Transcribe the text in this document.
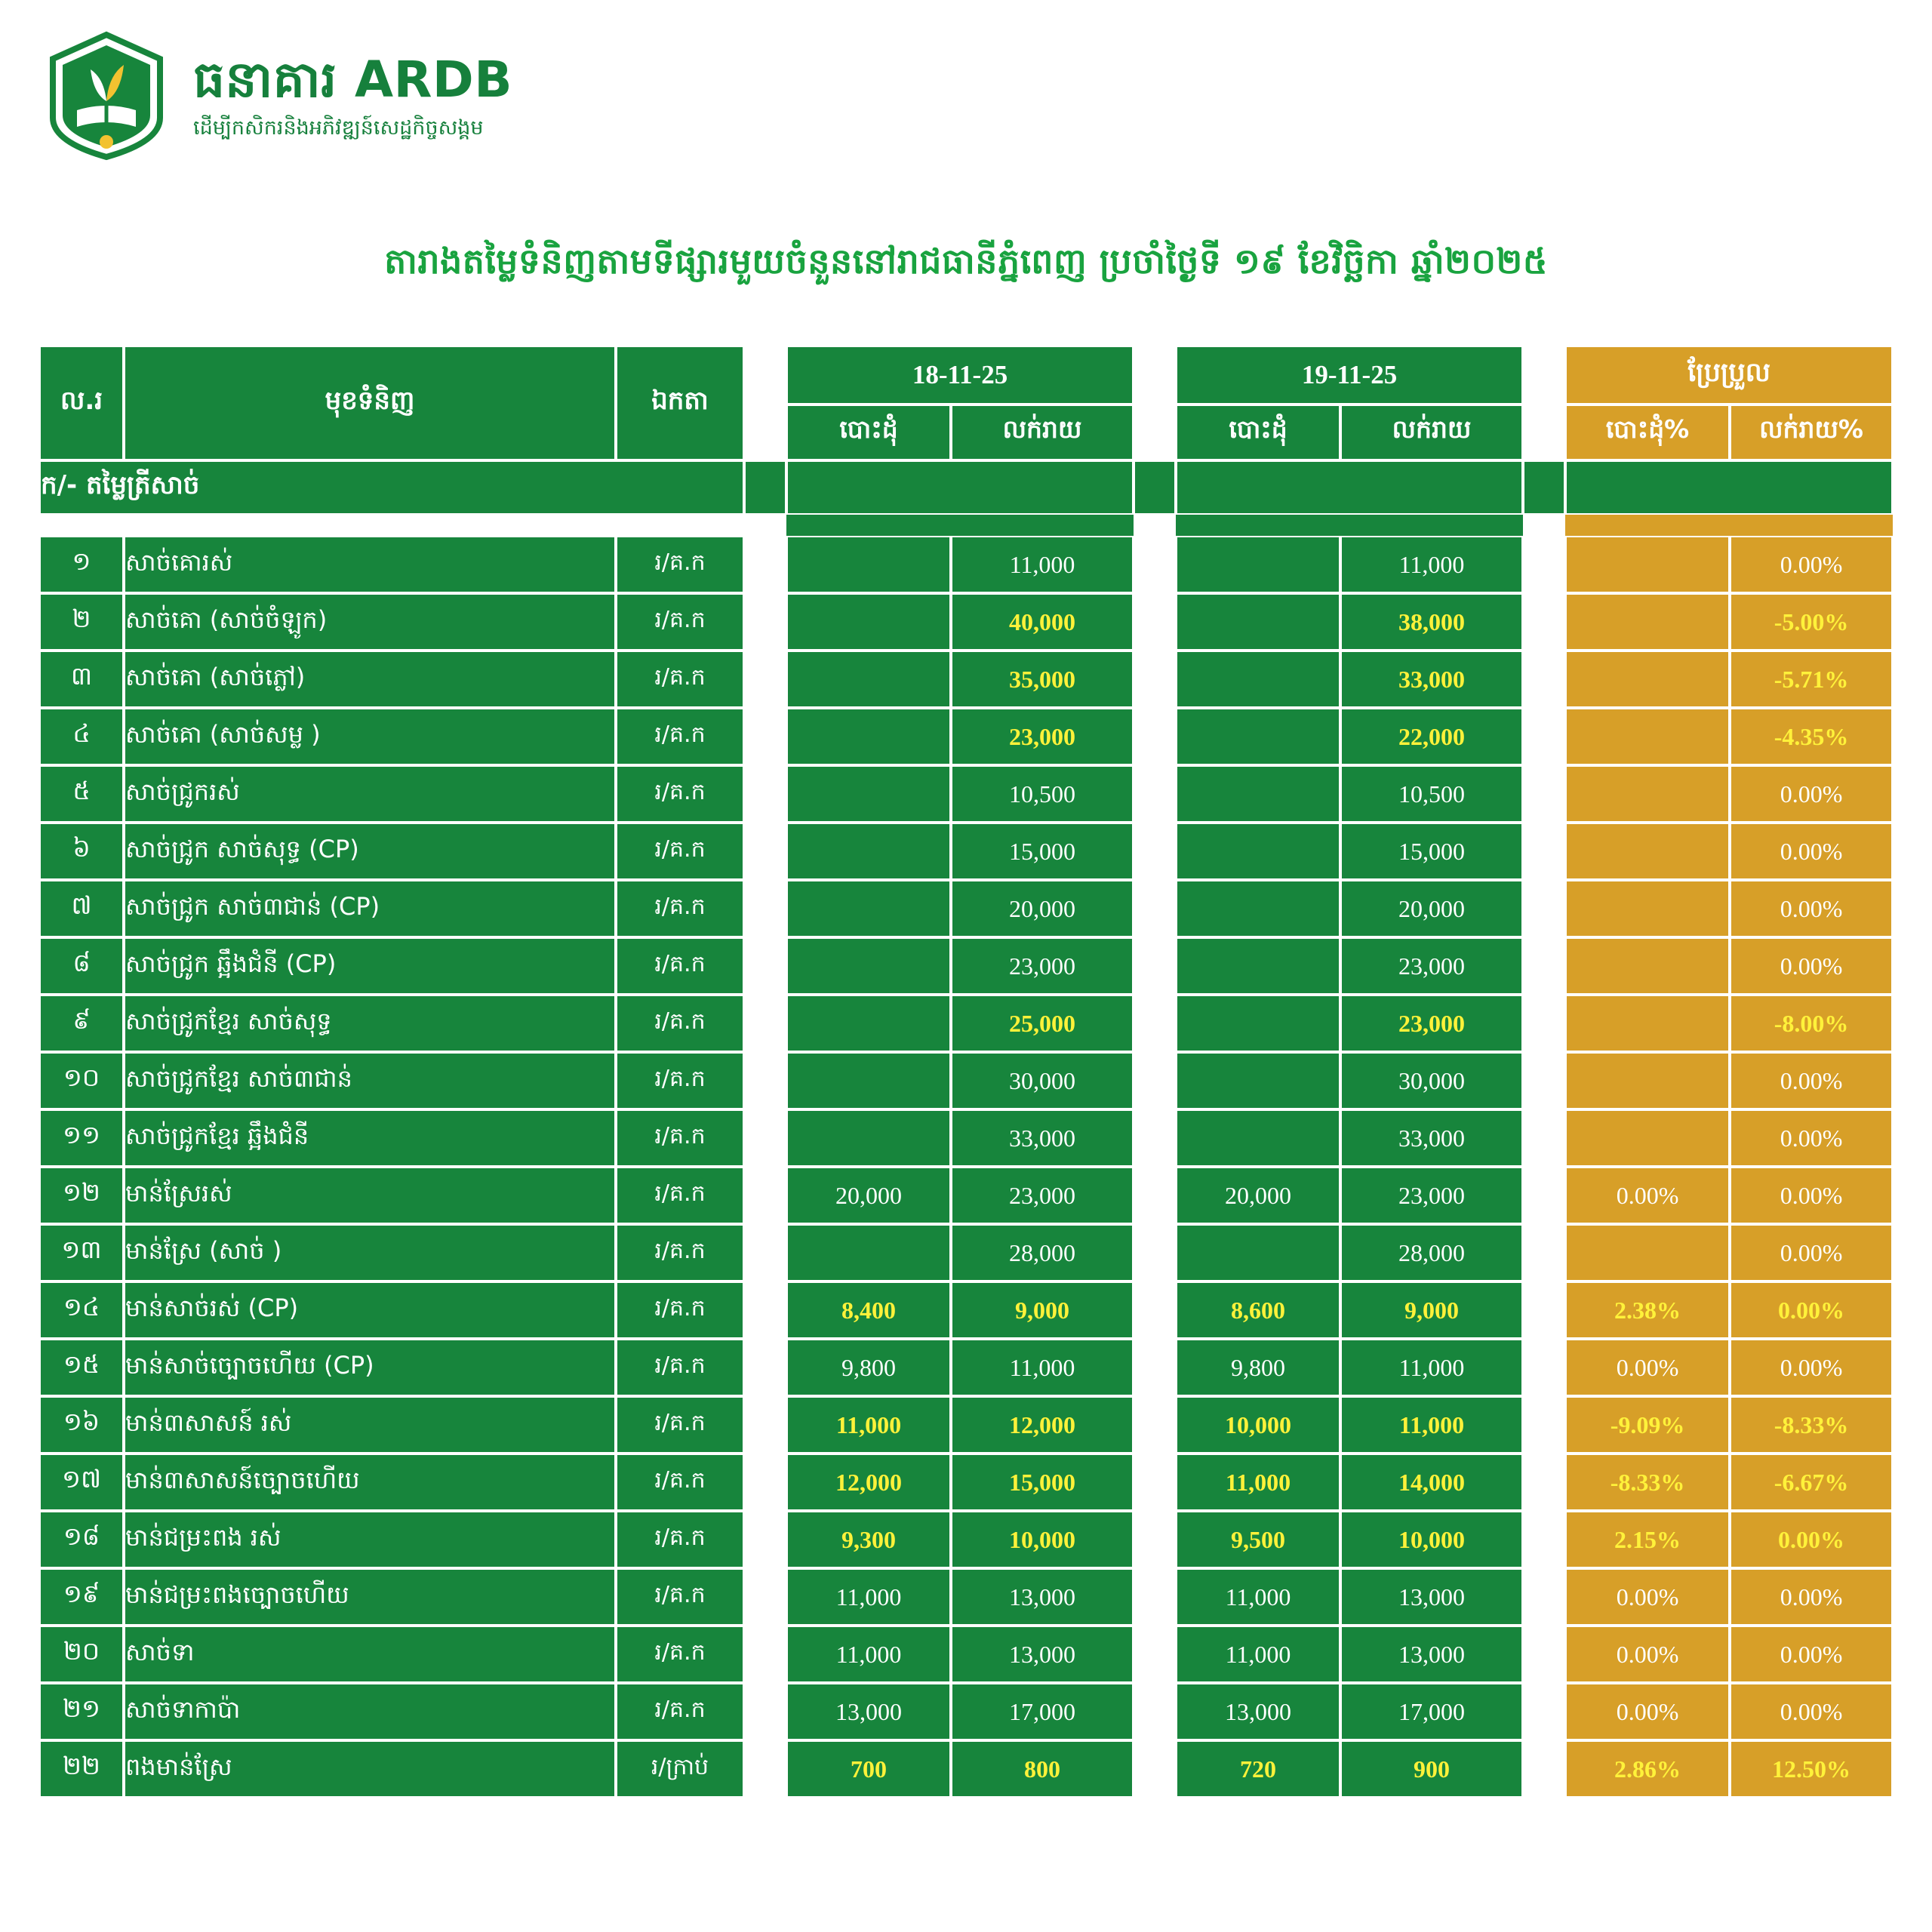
ធនាគារ ARDB
ដើម្បីកសិករនិងអភិវឌ្ឍន៍សេដ្ឋកិច្ចសង្គម
តារាងតម្លៃទំនិញតាមទីផ្សារមួយចំនួននៅរាជធានីភ្នំពេញ ប្រចាំថ្ងៃទី ១៩ ខែវិច្ឆិកា ឆ្នាំ២០២៥
ល.រ	មុខទំនិញ	ឯកតា		18-11-25			19-11-25			ប្រែប្រួល	
				បោះដុំ	លក់រាយ		បោះដុំ	លក់រាយ		បោះដុំ%	លក់រាយ%
ក/- តម្លៃត្រីសាច់											

១	សាច់គោរស់	រ/គ.ក			11,000			11,000			0.00%
២	សាច់គោ (សាច់ចំឡូក)	រ/គ.ក			40,000			38,000			-5.00%
៣	សាច់គោ (សាច់ភ្លៅ)	រ/គ.ក			35,000			33,000			-5.71%
៤	សាច់គោ (សាច់សម្ល )	រ/គ.ក			23,000			22,000			-4.35%
៥	សាច់ជ្រូករស់	រ/គ.ក			10,500			10,500			0.00%
៦	សាច់ជ្រូក សាច់សុទ្ធ (CP)	រ/គ.ក			15,000			15,000			0.00%
៧	សាច់ជ្រូក សាច់៣ជាន់ (CP)	រ/គ.ក			20,000			20,000			0.00%
៨	សាច់ជ្រូក ឆ្អឹងជំនី (CP)	រ/គ.ក			23,000			23,000			0.00%
៩	សាច់ជ្រូកខ្មែរ សាច់សុទ្ធ	រ/គ.ក			25,000			23,000			-8.00%
១០	សាច់ជ្រូកខ្មែរ សាច់៣ជាន់	រ/គ.ក			30,000			30,000			0.00%
១១	សាច់ជ្រូកខ្មែរ ឆ្អឹងជំនី	រ/គ.ក			33,000			33,000			0.00%
១២	មាន់ស្រែរស់	រ/គ.ក		20,000	23,000		20,000	23,000		0.00%	0.00%
១៣	មាន់ស្រែ (សាច់ )	រ/គ.ក			28,000			28,000			0.00%
១៤	មាន់សាច់រស់ (CP)	រ/គ.ក		8,400	9,000		8,600	9,000		2.38%	0.00%
១៥	មាន់សាច់ច្បោចហើយ (CP)	រ/គ.ក		9,800	11,000		9,800	11,000		0.00%	0.00%
១៦	មាន់៣សាសន៍ រស់	រ/គ.ក		11,000	12,000		10,000	11,000		-9.09%	-8.33%
១៧	មាន់៣សាសន៍ច្បោចហើយ	រ/គ.ក		12,000	15,000		11,000	14,000		-8.33%	-6.67%
១៨	មាន់ជម្រះពង រស់	រ/គ.ក		9,300	10,000		9,500	10,000		2.15%	0.00%
១៩	មាន់ជម្រះពងច្បោចហើយ	រ/គ.ក		11,000	13,000		11,000	13,000		0.00%	0.00%
២០	សាច់ទា	រ/គ.ក		11,000	13,000		11,000	13,000		0.00%	0.00%
២១	សាច់ទាកាប៉ា	រ/គ.ក		13,000	17,000		13,000	17,000		0.00%	0.00%
២២	ពងមាន់ស្រែ	រ/ក្រាប់		700	800		720	900		2.86%	12.50%
